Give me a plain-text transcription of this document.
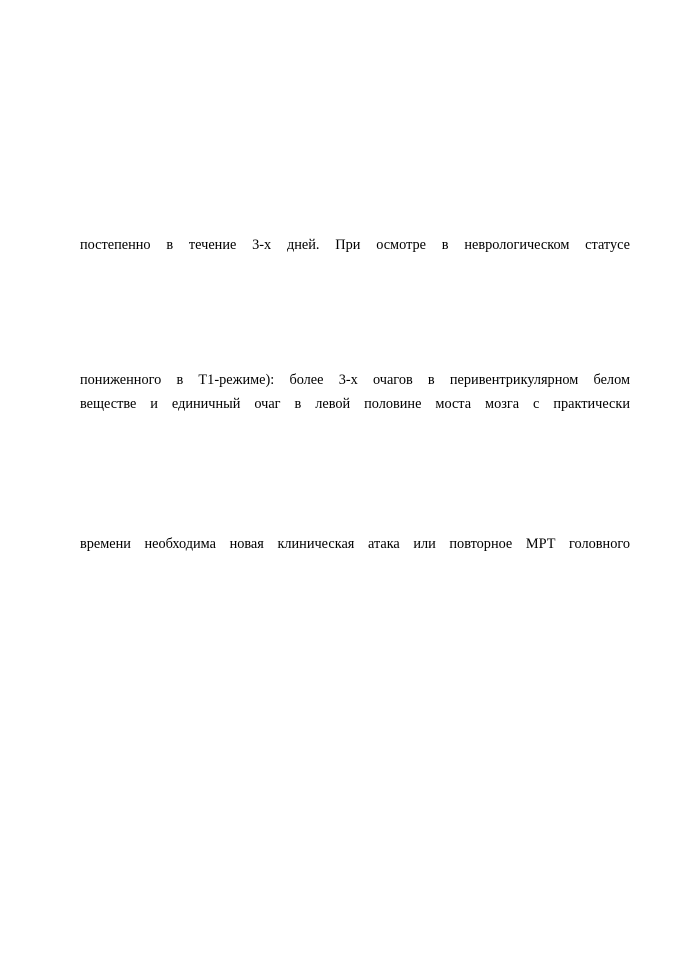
постепенно в течение 3-х дней. При осмотре в неврологическом статусе
пониженного в Т1-режиме): более 3-х очагов в перивентрикулярном белом
веществе и единичный очаг в левой половине моста мозга с практически
времени необходима новая клиническая атака или повторное МРТ головного
